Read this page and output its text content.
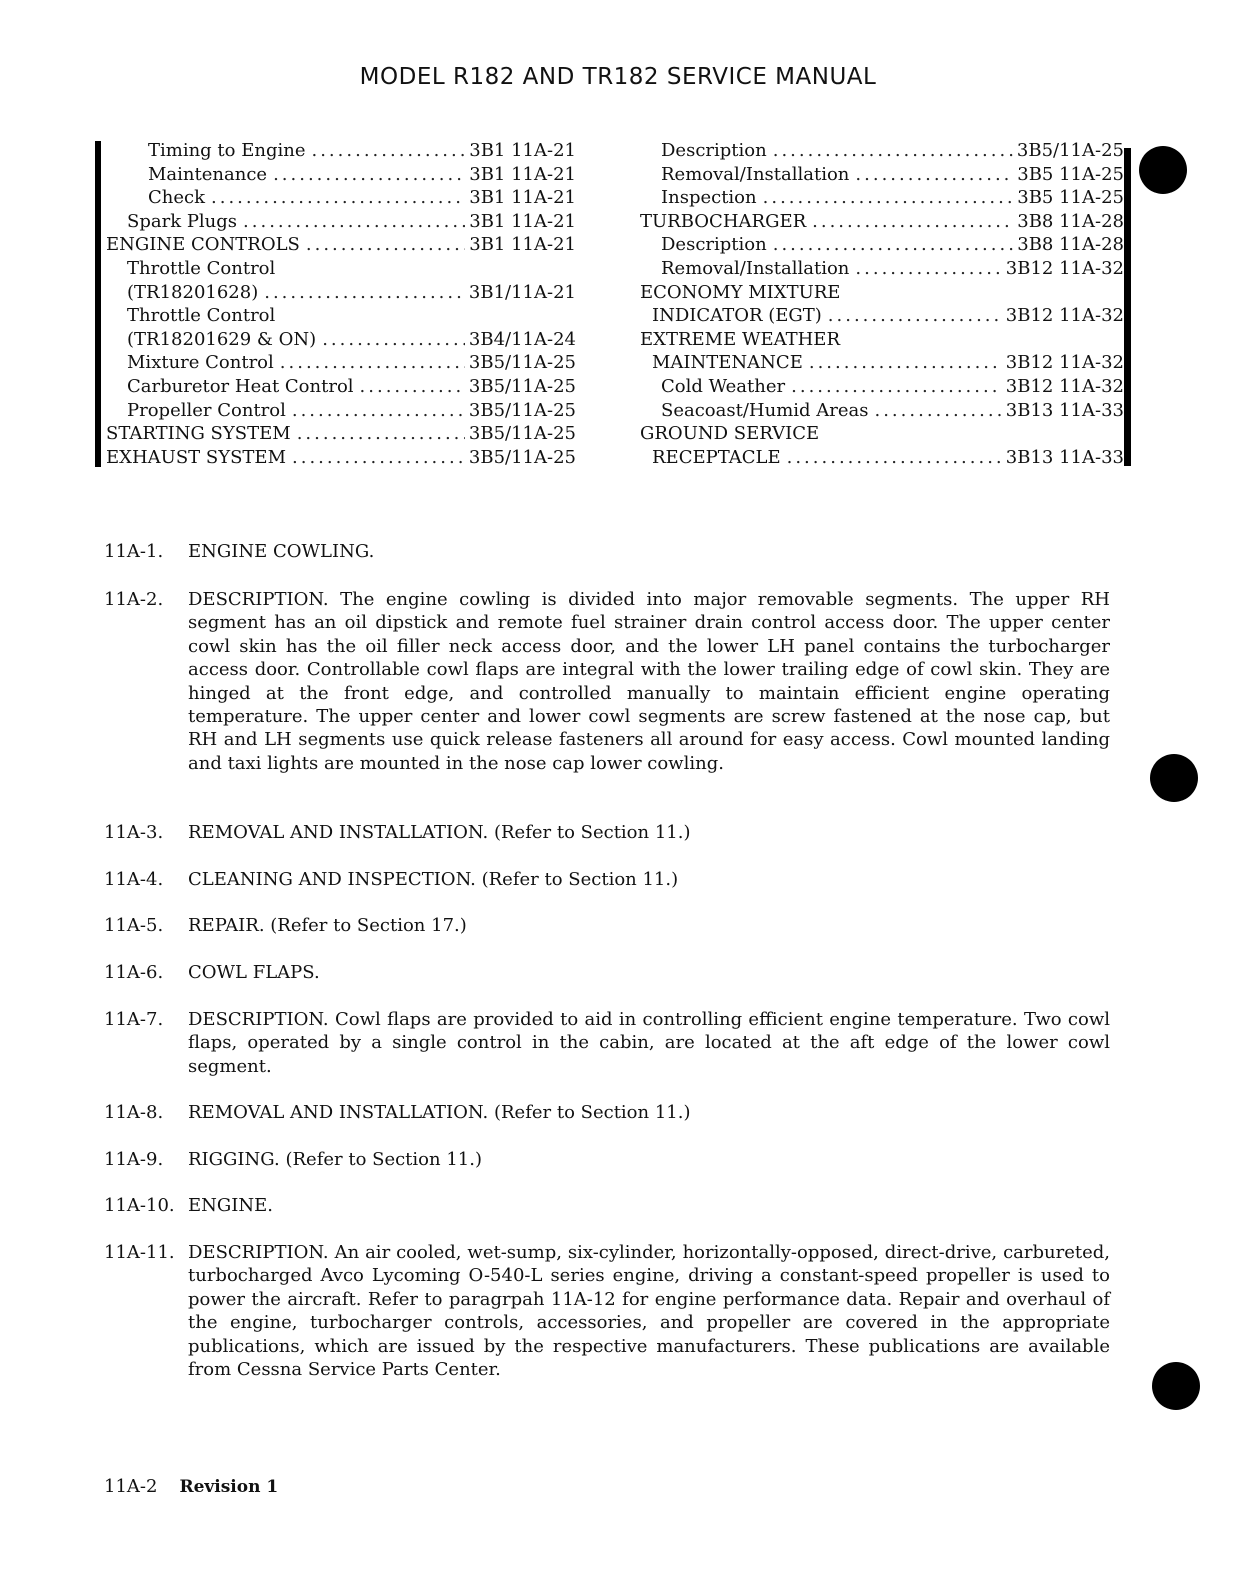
MODEL R182 AND TR182 SERVICE MANUAL
Timing to Engine .....	3B1 11A-21
Maintenance .....	3B1 11A-21
Check .....	3B1 11A-21
Spark Plugs .....	3B1 11A-21
ENGINE CONTROLS .....	3B1 11A-21
Throttle Control
(TR18201628) .....	3B1/11A-21
Throttle Control
(TR18201629 & ON) .....	3B4/11A-24
Mixture Control .....	3B5/11A-25
Carburetor Heat Control .....	3B5/11A-25
Propeller Control .....	3B5/11A-25
STARTING SYSTEM .....	3B5/11A-25
EXHAUST SYSTEM .....	3B5/11A-25
Description .....	3B5/11A-25
Removal/Installation .....	3B5 11A-25
Inspection .....	3B5 11A-25
TURBOCHARGER .....	3B8 11A-28
Description .....	3B8 11A-28
Removal/Installation .....	3B12 11A-32
ECONOMY MIXTURE
INDICATOR (EGT) .....	3B12 11A-32
EXTREME WEATHER
MAINTENANCE .....	3B12 11A-32
Cold Weather .....	3B12 11A-32
Seacoast/Humid Areas .....	3B13 11A-33
GROUND SERVICE
RECEPTACLE .....	3B13 11A-33
11A-1.	ENGINE COWLING.
11A-2.	DESCRIPTION. The engine cowling is divided into major removable segments. The upper RH segment has an oil dipstick and remote fuel strainer drain control access door. The upper center cowl skin has the oil filler neck access door, and the lower LH panel contains the turbocharger access door. Controllable cowl flaps are integral with the lower trailing edge of cowl skin. They are hinged at the front edge, and controlled manually to maintain efficient engine operating temperature. The upper center and lower cowl segments are screw fastened at the nose cap, but RH and LH segments use quick release fasteners all around for easy access. Cowl mounted landing and taxi lights are mounted in the nose cap lower cowling.
11A-3.	REMOVAL AND INSTALLATION. (Refer to Section 11.)
11A-4.	CLEANING AND INSPECTION. (Refer to Section 11.)
11A-5.	REPAIR. (Refer to Section 17.)
11A-6.	COWL FLAPS.
11A-7.	DESCRIPTION. Cowl flaps are provided to aid in controlling efficient engine temperature. Two cowl flaps, operated by a single control in the cabin, are located at the aft edge of the lower cowl segment.
11A-8.	REMOVAL AND INSTALLATION. (Refer to Section 11.)
11A-9.	RIGGING. (Refer to Section 11.)
11A-10. ENGINE.
11A-11. DESCRIPTION. An air cooled, wet-sump, six-cylinder, horizontally-opposed, direct-drive, carbureted, turbocharged Avco Lycoming O-540-L series engine, driving a constant-speed propeller is used to power the aircraft. Refer to paragrpah 11A-12 for engine performance data. Repair and overhaul of the engine, turbocharger controls, accessories, and propeller are covered in the appropriate publications, which are issued by the respective manufacturers. These publications are available from Cessna Service Parts Center.
11A-2 Revision 1
